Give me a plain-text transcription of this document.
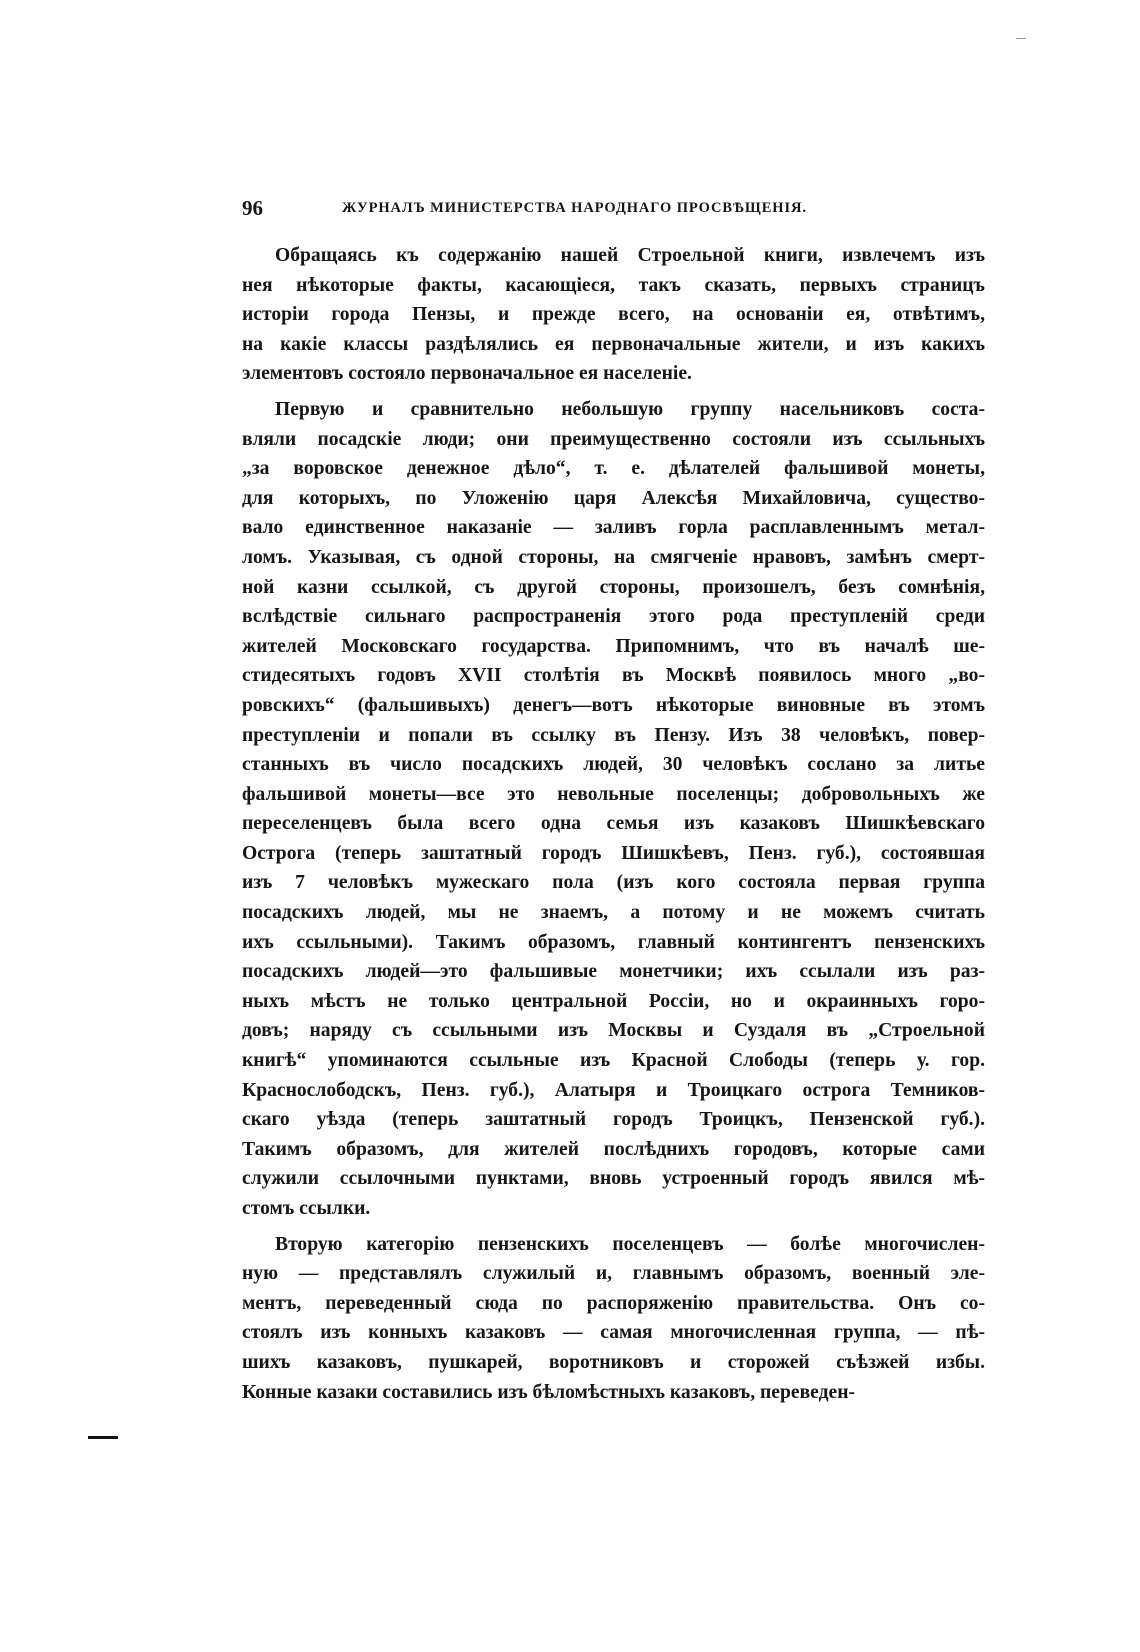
96	ЖУРНАЛЪ МИНИСТЕРСТВА НАРОДНАГО ПРОСВѢЩЕНІЯ.
Обращаясь къ содержанію нашей Строельной книги, извлечемъ изъ
нея нѣкоторые факты, касающіеся, такъ сказать, первыхъ страницъ
исторіи города Пензы, и прежде всего, на основаніи ея, отвѣтимъ,
на какіе классы раздѣлялись ея первоначальные жители, и изъ какихъ
элементовъ состояло первоначальное ея населеніе.
Первую и сравнительно небольшую группу насельниковъ соста-
вляли посадскіе люди; они преимущественно состояли изъ ссыльныхъ
„за воровское денежное дѣло“, т. е. дѣлателей фальшивой монеты,
для которыхъ, по Уложенію царя Алексѣя Михайловича, существо-
вало единственное наказаніе — заливъ горла расплавленнымъ метал-
ломъ. Указывая, съ одной стороны, на смягченіе нравовъ, замѣнъ смерт-
ной казни ссылкой, съ другой стороны, произошелъ, безъ сомнѣнія,
вслѣдствіе сильнаго распространенія этого рода преступленій среди
жителей Московскаго государства. Припомнимъ, что въ началѣ ше-
стидесятыхъ годовъ XVII столѣтія въ Москвѣ появилось много „во-
ровскихъ“ (фальшивыхъ) денегъ—вотъ нѣкоторые виновные въ этомъ
преступленіи и попали въ ссылку въ Пензу. Изъ 38 человѣкъ, повер-
станныхъ въ число посадскихъ людей, 30 человѣкъ сослано за литье
фальшивой монеты—все это невольные поселенцы; добровольныхъ же
переселенцевъ была всего одна семья изъ казаковъ Шишкѣевскаго
Острога (теперь заштатный городъ Шишкѣевъ, Пенз. губ.), состоявшая
изъ 7 человѣкъ мужескаго пола (изъ кого состояла первая группа
посадскихъ людей, мы не знаемъ, а потому и не можемъ считать
ихъ ссыльными). Такимъ образомъ, главный контингентъ пензенскихъ
посадскихъ людей—это фальшивые монетчики; ихъ ссылали изъ раз-
ныхъ мѣстъ не только центральной Россіи, но и окраинныхъ горо-
довъ; наряду съ ссыльными изъ Москвы и Суздаля въ „Строельной
книгѣ“ упоминаются ссыльные изъ Красной Слободы (теперь у. гор.
Краснослободскъ, Пенз. губ.), Алатыря и Троицкаго острога Темников-
скаго уѣзда (теперь заштатный городъ Троицкъ, Пензенской губ.).
Такимъ образомъ, для жителей послѣднихъ городовъ, которые сами
служили ссылочными пунктами, вновь устроенный городъ явился мѣ-
стомъ ссылки.
Вторую категорію пензенскихъ поселенцевъ — болѣе многочислен-
ную — представлялъ служилый и, главнымъ образомъ, военный эле-
ментъ, переведенный сюда по распоряженію правительства. Онъ со-
стоялъ изъ конныхъ казаковъ — самая многочисленная группа, — пѣ-
шихъ казаковъ, пушкарей, воротниковъ и сторожей съѣзжей избы.
Конные казаки составились изъ бѣломѣстныхъ казаковъ, переведен-
